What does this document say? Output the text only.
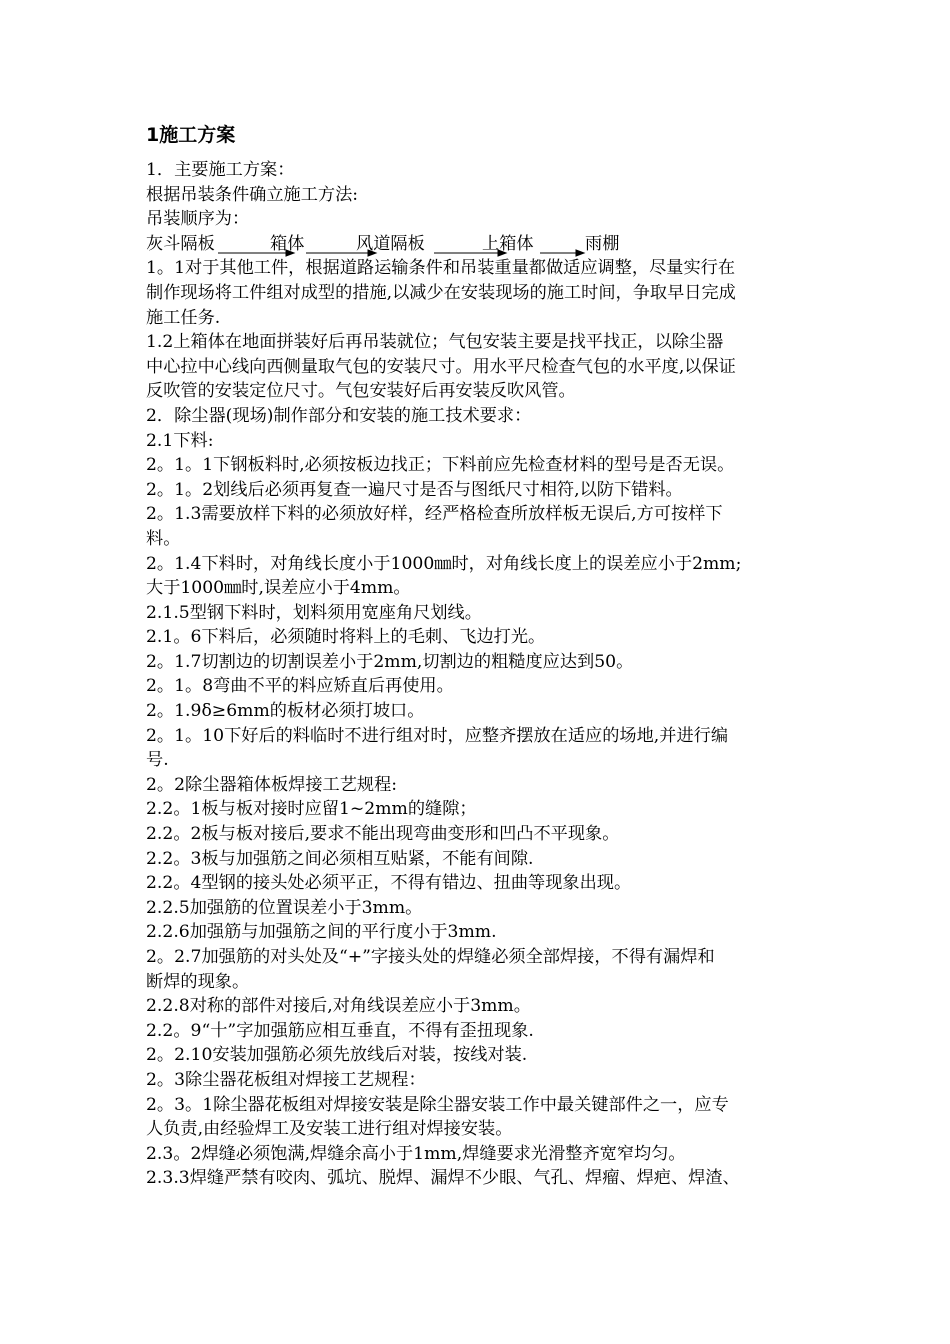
1施工方案

1．主要施工方案：

根据吊装条件确立施工方法:

吊装顺序为：

灰斗隔板	箱体	风道隔板	上箱体	雨棚

1。1对于其他工件，根据道路运输条件和吊装重量都做适应调整，尽量实行在

制作现场将工件组对成型的措施,以减少在安装现场的施工时间，争取早日完成

施工任务.

1.2上箱体在地面拼装好后再吊装就位；气包安装主要是找平找正，以除尘器

中心拉中心线向西侧量取气包的安装尺寸。用水平尺检查气包的水平度,以保证

反吹管的安装定位尺寸。气包安装好后再安装反吹风管。

2．除尘器(现场)制作部分和安装的施工技术要求：

2.1下料:

2。1。1下钢板料时,必须按板边找正；下料前应先检查材料的型号是否无误。

2。1。2划线后必须再复查一遍尺寸是否与图纸尺寸相符,以防下错料。

2。1.3需要放样下料的必须放好样，经严格检查所放样板无误后,方可按样下

料。

2。1.4下料时，对角线长度小于1000㎜时，对角线长度上的误差应小于2mm;

大于1000㎜时,误差应小于4mm。

2.1.5型钢下料时，划料须用宽座角尺划线。

2.1。6下料后，必须随时将料上的毛刺、飞边打光。

2。1.7切割边的切割误差小于2mm,切割边的粗糙度应达到50。

2。1。8弯曲不平的料应矫直后再使用。

2。1.9δ≥6mm的板材必须打坡口。

2。1。10下好后的料临时不进行组对时，应整齐摆放在适应的场地,并进行编

号.

2。2除尘器箱体板焊接工艺规程:

2.2。1板与板对接时应留1~2mm的缝隙；

2.2。2板与板对接后,要求不能出现弯曲变形和凹凸不平现象。

2.2。3板与加强筋之间必须相互贴紧，不能有间隙.

2.2。4型钢的接头处必须平正，不得有错边、扭曲等现象出现。

2.2.5加强筋的位置误差小于3mm。

2.2.6加强筋与加强筋之间的平行度小于3mm.

2。2.7加强筋的对头处及“+”字接头处的焊缝必须全部焊接，不得有漏焊和

断焊的现象。

2.2.8对称的部件对接后,对角线误差应小于3mm。

2.2。9“十”字加强筋应相互垂直，不得有歪扭现象.

2。2.10安装加强筋必须先放线后对装，按线对装.

2。3除尘器花板组对焊接工艺规程：

2。3。1除尘器花板组对焊接安装是除尘器安装工作中最关键部件之一，应专

人负责,由经验焊工及安装工进行组对焊接安装。

2.3。2焊缝必须饱满,焊缝余高小于1mm,焊缝要求光滑整齐宽窄均匀。

2.3.3焊缝严禁有咬肉、弧坑、脱焊、漏焊不少眼、气孔、焊瘤、焊疤、焊渣、
